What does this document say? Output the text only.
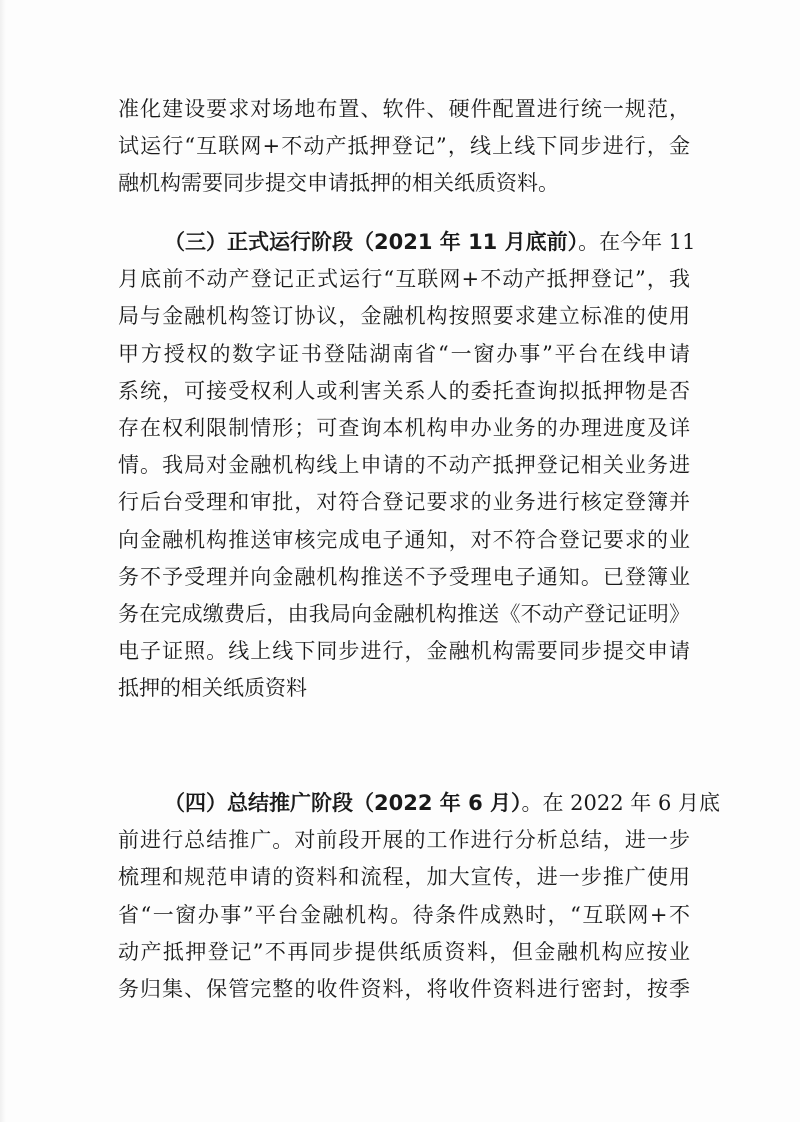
准化建设要求对场地布置、软件、硬件配置进行统一规范，
试运行“互联网+不动产抵押登记”，线上线下同步进行，金
融机构需要同步提交申请抵押的相关纸质资料。
（三）正式运行阶段（2021 年 11 月底前）。在今年 11
月底前不动产登记正式运行“互联网+不动产抵押登记”，我
局与金融机构签订协议，金融机构按照要求建立标准的使用
甲方授权的数字证书登陆湖南省“一窗办事”平台在线申请
系统，可接受权利人或利害关系人的委托查询拟抵押物是否
存在权利限制情形；可查询本机构申办业务的办理进度及详
情。我局对金融机构线上申请的不动产抵押登记相关业务进
行后台受理和审批，对符合登记要求的业务进行核定登簿并
向金融机构推送审核完成电子通知，对不符合登记要求的业
务不予受理并向金融机构推送不予受理电子通知。已登簿业
务在完成缴费后，由我局向金融机构推送《不动产登记证明》
电子证照。线上线下同步进行，金融机构需要同步提交申请
抵押的相关纸质资料
（四）总结推广阶段（2022 年 6 月）。在 2022 年 6 月底
前进行总结推广。对前段开展的工作进行分析总结，进一步
梳理和规范申请的资料和流程，加大宣传，进一步推广使用
省“一窗办事”平台金融机构。待条件成熟时，“互联网+不
动产抵押登记”不再同步提供纸质资料，但金融机构应按业
务归集、保管完整的收件资料，将收件资料进行密封，按季
